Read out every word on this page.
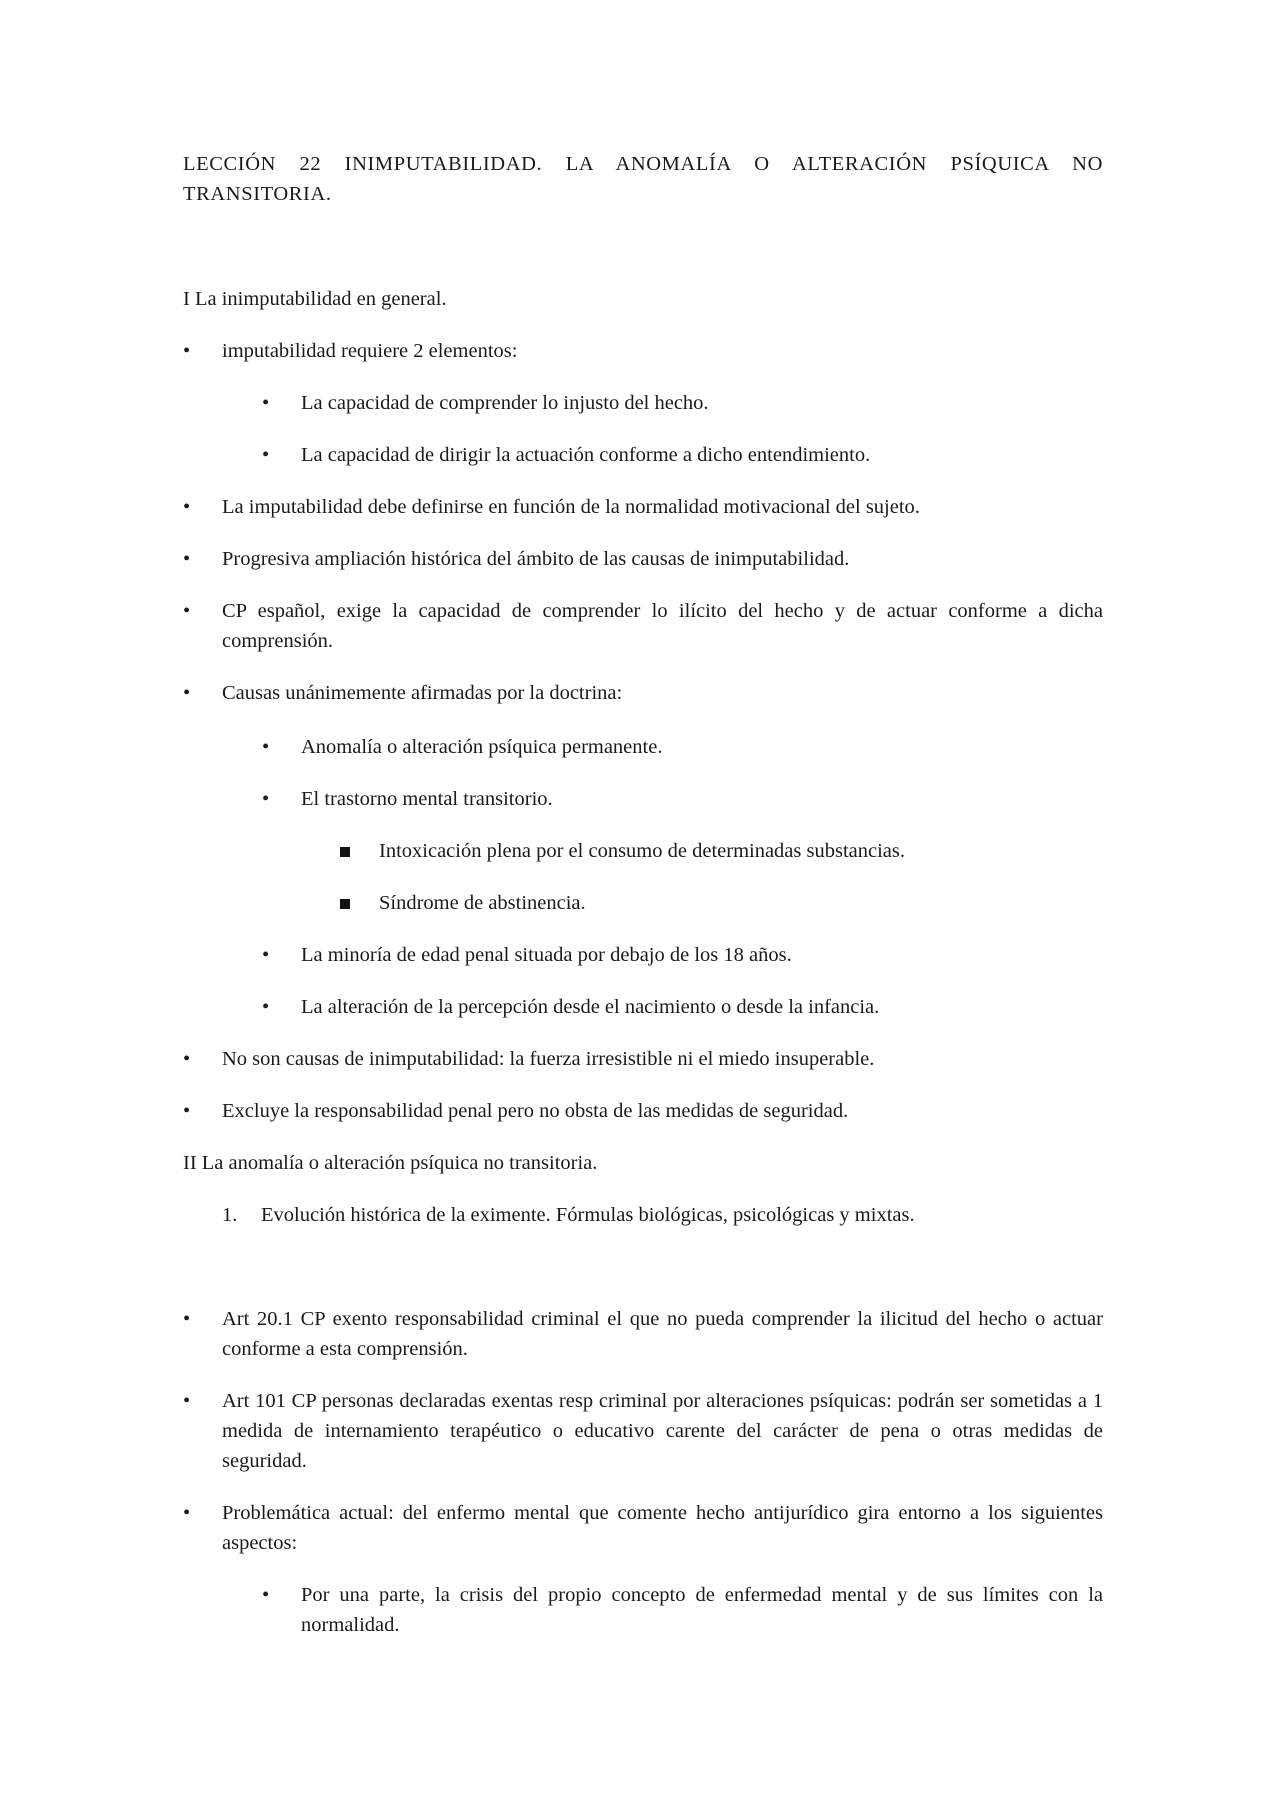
LECCIÓN 22 INIMPUTABILIDAD. LA ANOMALÍA O ALTERACIÓN PSÍQUICA NO
TRANSITORIA.
I La inimputabilidad en general.
• imputabilidad requiere 2 elementos:
• La capacidad de comprender lo injusto del hecho.
• La capacidad de dirigir la actuación conforme a dicho entendimiento.
• La imputabilidad debe definirse en función de la normalidad motivacional del sujeto.
• Progresiva ampliación histórica del ámbito de las causas de inimputabilidad.
• CP español, exige la capacidad de comprender lo ilícito del hecho y de actuar conforme a dicha comprensión.
• Causas unánimemente afirmadas por la doctrina:
• Anomalía o alteración psíquica permanente.
• El trastorno mental transitorio.
Intoxicación plena por el consumo de determinadas substancias.
Síndrome de abstinencia.
• La minoría de edad penal situada por debajo de los 18 años.
• La alteración de la percepción desde el nacimiento o desde la infancia.
• No son causas de inimputabilidad: la fuerza irresistible ni el miedo insuperable.
• Excluye la responsabilidad penal pero no obsta de las medidas de seguridad.
II La anomalía o alteración psíquica no transitoria.
1. Evolución histórica de la eximente. Fórmulas biológicas, psicológicas y mixtas.
• Art 20.1 CP exento responsabilidad criminal el que no pueda comprender la ilicitud del hecho o actuar conforme a esta comprensión.
• Art 101 CP personas declaradas exentas resp criminal por alteraciones psíquicas: podrán ser sometidas a 1 medida de internamiento terapéutico o educativo carente del carácter de pena o otras medidas de seguridad.
• Problemática actual: del enfermo mental que comente hecho antijurídico gira entorno a los siguientes aspectos:
• Por una parte, la crisis del propio concepto de enfermedad mental y de sus límites con la normalidad.
